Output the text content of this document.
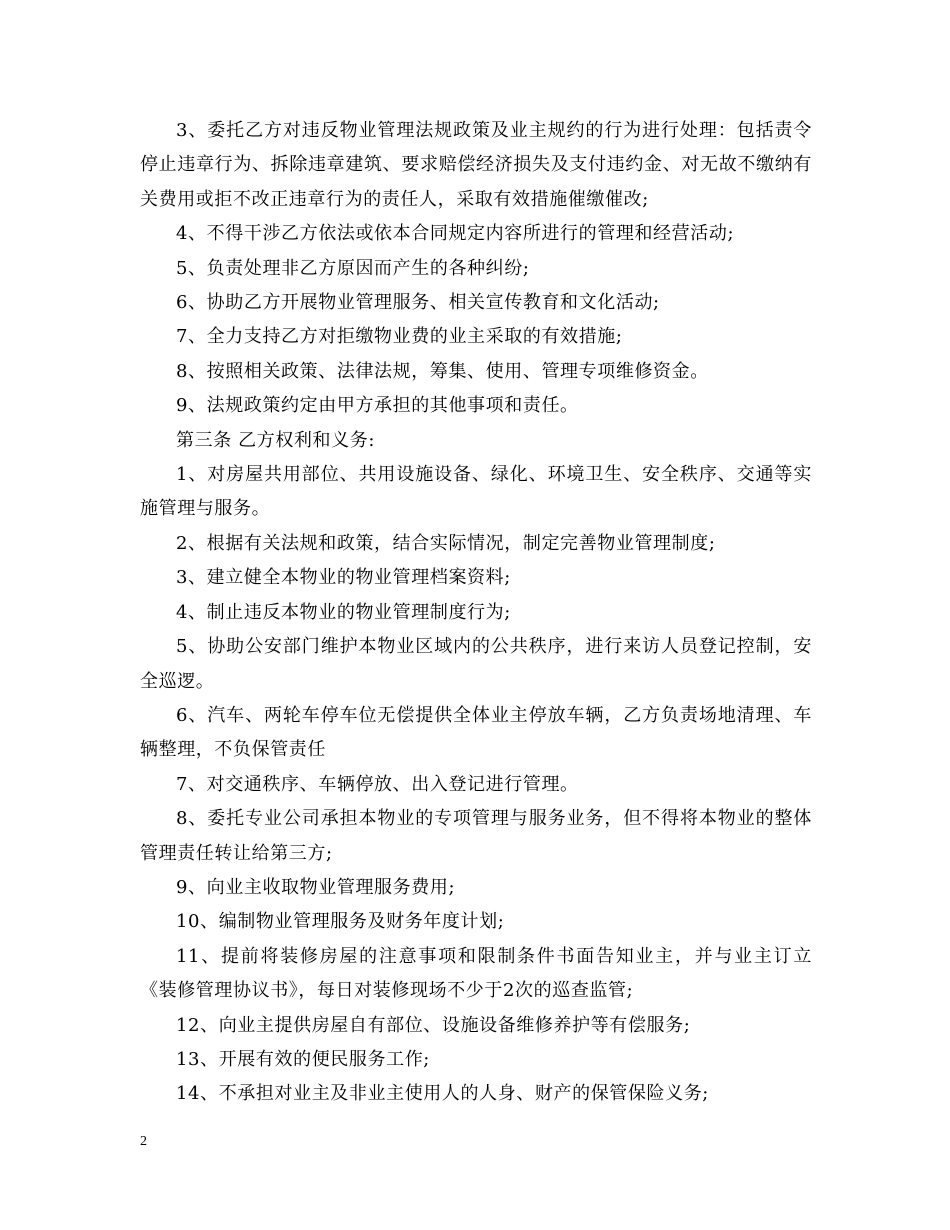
3、委托乙方对违反物业管理法规政策及业主规约的行为进行处理：包括责令停止违章行为、拆除违章建筑、要求赔偿经济损失及支付违约金、对无故不缴纳有关费用或拒不改正违章行为的责任人，采取有效措施催缴催改;

4、不得干涉乙方依法或依本合同规定内容所进行的管理和经营活动;

5、负责处理非乙方原因而产生的各种纠纷;

6、协助乙方开展物业管理服务、相关宣传教育和文化活动;

7、全力支持乙方对拒缴物业费的业主采取的有效措施;

8、按照相关政策、法律法规，筹集、使用、管理专项维修资金。

9、法规政策约定由甲方承担的其他事项和责任。

第三条 乙方权利和义务:

1、对房屋共用部位、共用设施设备、绿化、环境卫生、安全秩序、交通等实施管理与服务。

2、根据有关法规和政策，结合实际情况，制定完善物业管理制度;

3、建立健全本物业的物业管理档案资料;

4、制止违反本物业的物业管理制度行为;

5、协助公安部门维护本物业区域内的公共秩序，进行来访人员登记控制，安全巡逻。

6、汽车、两轮车停车位无偿提供全体业主停放车辆，乙方负责场地清理、车辆整理，不负保管责任

7、对交通秩序、车辆停放、出入登记进行管理。

8、委托专业公司承担本物业的专项管理与服务业务，但不得将本物业的整体管理责任转让给第三方;

9、向业主收取物业管理服务费用;

10、编制物业管理服务及财务年度计划;

11、提前将装修房屋的注意事项和限制条件书面告知业主，并与业主订立《装修管理协议书》，每日对装修现场不少于2次的巡查监管;

12、向业主提供房屋自有部位、设施设备维修养护等有偿服务;

13、开展有效的便民服务工作;

14、不承担对业主及非业主使用人的人身、财产的保管保险义务;

2
